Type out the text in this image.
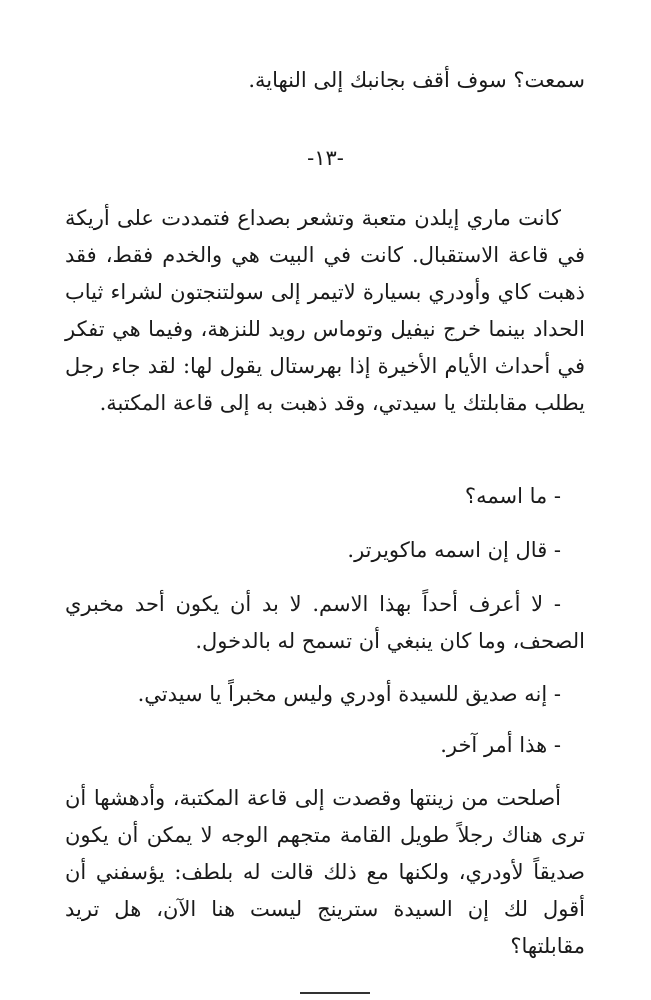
سمعت؟ سوف أقف بجانبك إلى النهاية.
-١٣-
كانت ماري إيلدن متعبة وتشعر بصداع فتمددت على أريكة في قاعة الاستقبال. كانت في البيت هي والخدم فقط، فقد ذهبت كاي وأودري بسيارة لاتيمر إلى سولتنجتون لشراء ثياب الحداد بينما خرج نيفيل وتوماس رويد للنزهة، وفيما هي تفكر في أحداث الأيام الأخيرة إذا بهرستال يقول لها: لقد جاء رجل يطلب مقابلتك يا سيدتي، وقد ذهبت به إلى قاعة المكتبة.
- ما اسمه؟
- قال إن اسمه ماكويرتر.
- لا أعرف أحداً بهذا الاسم. لا بد أن يكون أحد مخبري الصحف، وما كان ينبغي أن تسمح له بالدخول.
- إنه صديق للسيدة أودري وليس مخبراً يا سيدتي.
- هذا أمر آخر.
أصلحت من زينتها وقصدت إلى قاعة المكتبة، وأدهشها أن ترى هناك رجلاً طويل القامة متجهم الوجه لا يمكن أن يكون صديقاً لأودري، ولكنها مع ذلك قالت له بلطف: يؤسفني أن أقول لك إن السيدة سترينج ليست هنا الآن، هل تريد مقابلتها؟
